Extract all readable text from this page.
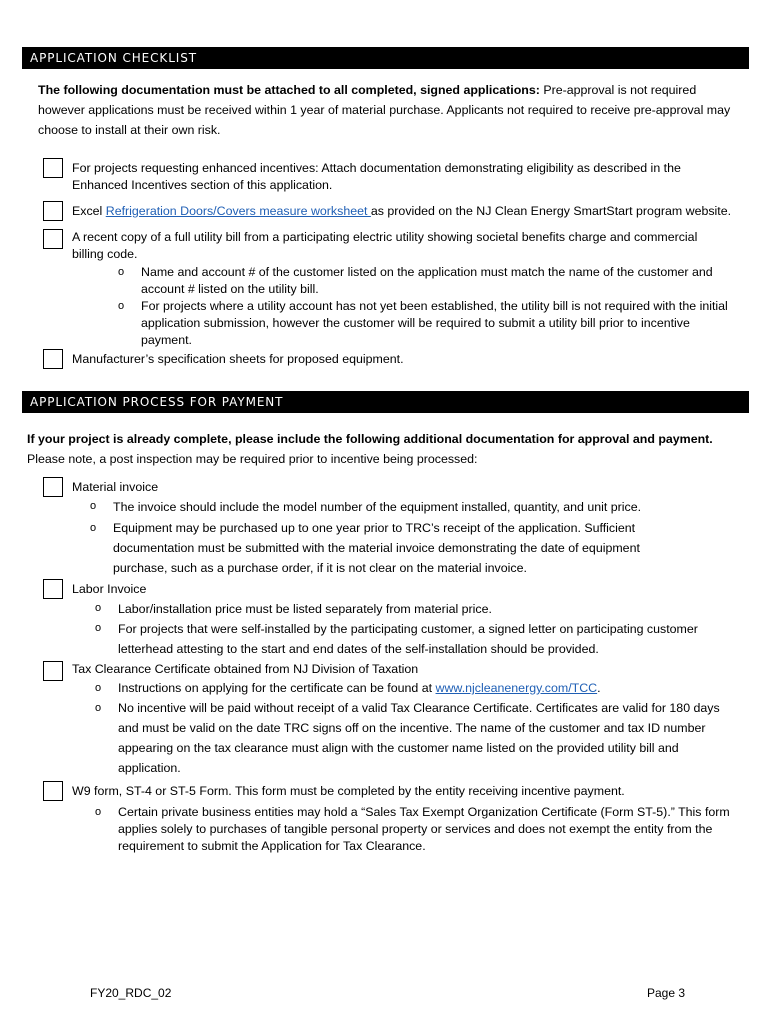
APPLICATION CHECKLIST
The following documentation must be attached to all completed, signed applications: Pre-approval is not required however applications must be received within 1 year of material purchase. Applicants not required to receive pre-approval may choose to install at their own risk.
For projects requesting enhanced incentives: Attach documentation demonstrating eligibility as described in the Enhanced Incentives section of this application.
Excel Refrigeration Doors/Covers measure worksheet as provided on the NJ Clean Energy SmartStart program website.
A recent copy of a full utility bill from a participating electric utility showing societal benefits charge and commercial billing code.
o Name and account # of the customer listed on the application must match the name of the customer and account # listed on the utility bill.
o For projects where a utility account has not yet been established, the utility bill is not required with the initial application submission, however the customer will be required to submit a utility bill prior to incentive payment.
Manufacturer’s specification sheets for proposed equipment.
APPLICATION PROCESS FOR PAYMENT
If your project is already complete, please include the following additional documentation for approval and payment. Please note, a post inspection may be required prior to incentive being processed:
Material invoice
o The invoice should include the model number of the equipment installed, quantity, and unit price.
o Equipment may be purchased up to one year prior to TRC’s receipt of the application. Sufficient documentation must be submitted with the material invoice demonstrating the date of equipment purchase, such as a purchase order, if it is not clear on the material invoice.
Labor Invoice
o Labor/installation price must be listed separately from material price.
o For projects that were self-installed by the participating customer, a signed letter on participating customer letterhead attesting to the start and end dates of the self-installation should be provided.
Tax Clearance Certificate obtained from NJ Division of Taxation
o Instructions on applying for the certificate can be found at www.njcleanenergy.com/TCC.
o No incentive will be paid without receipt of a valid Tax Clearance Certificate. Certificates are valid for 180 days and must be valid on the date TRC signs off on the incentive. The name of the customer and tax ID number appearing on the tax clearance must align with the customer name listed on the provided utility bill and application.
W9 form, ST-4 or ST-5 Form. This form must be completed by the entity receiving incentive payment.
o Certain private business entities may hold a “Sales Tax Exempt Organization Certificate (Form ST-5).” This form applies solely to purchases of tangible personal property or services and does not exempt the entity from the requirement to submit the Application for Tax Clearance.
FY20_RDC_02	Page 3
